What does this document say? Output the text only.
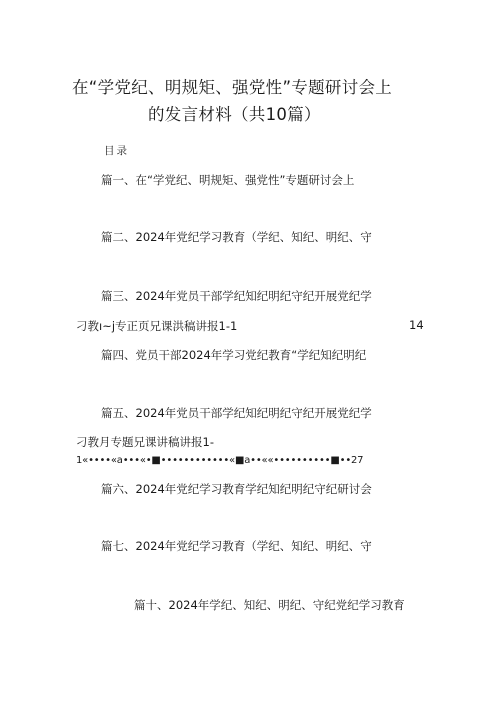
在“学党纪、明规矩、强党性”专题研讨会上
的发言材料（共10篇）
目录
篇一、在“学党纪、明规矩、强党性”专题研讨会上
篇二、2024年党纪学习教育（学纪、知纪、明纪、守
篇三、2024年党员干部学纪知纪明纪守纪开展党纪学
刁教ı~j专正页兄课洪稿讲报1-1	14
篇四、党员干部2024年学习党纪教育“学纪知纪明纪
篇五、2024年党员干部学纪知纪明纪守纪开展党纪学
刁教月专题兄课讲稿讲报1-
1«••••«a•••«•■••••••••••••«■a••««••••••••••■••27
篇六、2024年党纪学习教育学纪知纪明纪守纪研讨会
篇七、2024年党纪学习教育（学纪、知纪、明纪、守
篇十、2024年学纪、知纪、明纪、守纪党纪学习教育
